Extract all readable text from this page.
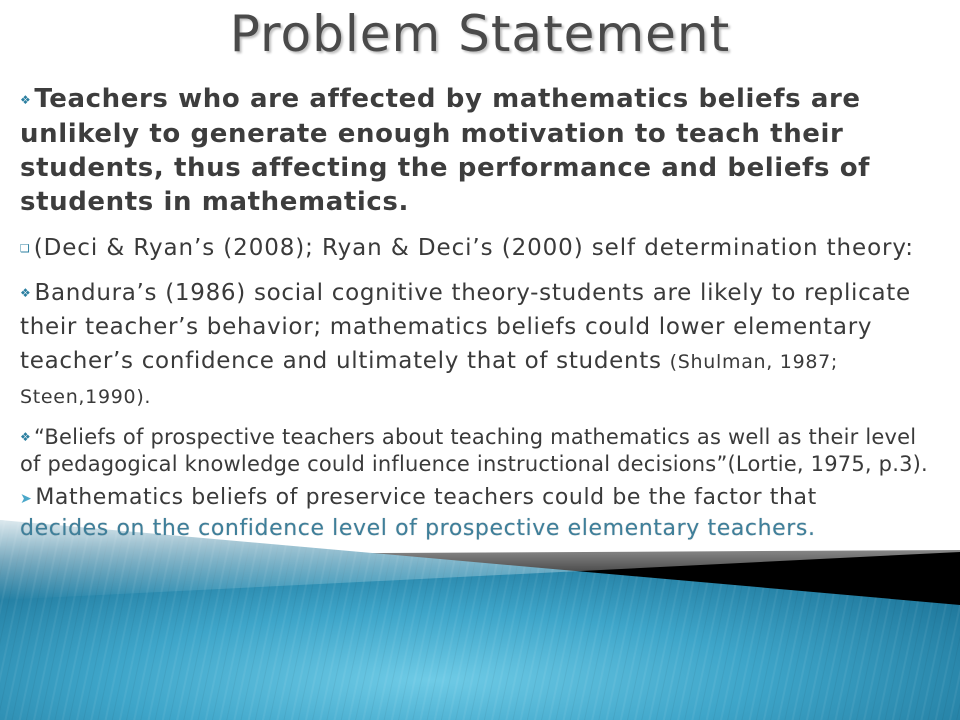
Problem Statement

❖ Teachers who are affected by mathematics beliefs are unlikely to generate enough motivation to teach their students, thus affecting the performance and beliefs of students in mathematics.

❑ (Deci & Ryan’s (2008); Ryan & Deci’s (2000) self determination theory:

❖ Bandura’s (1986) social cognitive theory-students are likely to replicate their teacher’s behavior; mathematics beliefs could lower elementary teacher’s confidence and ultimately that of students (Shulman, 1987; Steen,1990).

❖ “Beliefs of prospective teachers about teaching mathematics as well as their level of pedagogical knowledge could influence instructional decisions”(Lortie, 1975, p.3).

➤ Mathematics beliefs of preservice teachers could be the factor that
decides on the confidence level of prospective elementary teachers.
